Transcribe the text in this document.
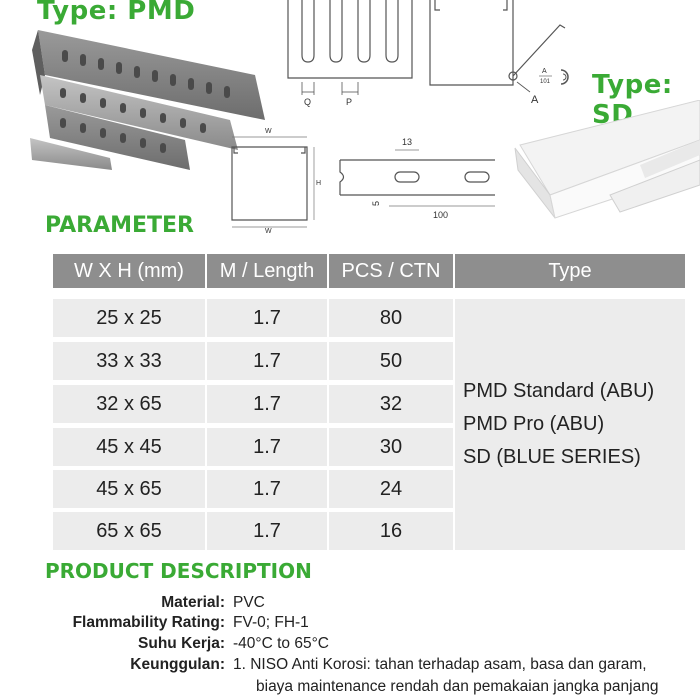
Type: PMD
Q	P	A
A
101 Type: SD
W
H
W
13
5
100
PARAMETER
W X H (mm)	M / Length	PCS / CTN	Type
25 x 25	1.7	80
33 x 33	1.7	50
32 x 65	1.7	32
45 x 45	1.7	30
45 x 65	1.7	24
65 x 65	1.7	16
PMD Standard (ABU)
PMD Pro (ABU)
SD (BLUE SERIES)
PRODUCT DESCRIPTION
Material: PVC
Flammability Rating: FV-0; FH-1
Suhu Kerja: -40°C to 65°C
Keunggulan: 1. NISO Anti Korosi: tahan terhadap asam, basa dan garam,
biaya maintenance rendah dan pemakaian jangka panjang
